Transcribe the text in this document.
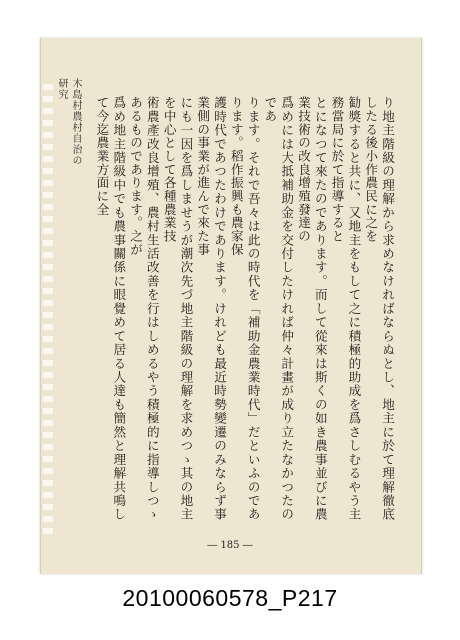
木島村農村自治の研究

り地主階級の理解から求めなければならぬとし、地主に於て理解徹底したる後小作農民に之を

勧獎すると共に、又地主をもして之に積極的助成を爲さしむるやう主務當局に於て指導すると

とになつて來たのであります。而して從來は斯くの如き農事並びに農業技術の改良增殖發達の

爲めには大抵補助金を交付したければ仲々計畫が成り立たなかつたのであ

ります。それで吾々は此の時代を「補助金農業時代」だといふのであります。稻作振興も農家保

護時代であつたわけであります。けれども最近時勢變遷のみならず事業側の事業が進んで來た事

にも一因を爲しませうが潮次先づ地主階級の理解を求めつゝ其の地主を中心として各種農業技

術農產改良增殖、農村生活改善を行はしめるやう積極的に指導しつゝあるものであります。之が

爲め地主階級中でも農事關係に眼覺めて居る人達も簡然と理解共鳴して今迄農業方面に全

― 185 ―
20100060578_P217
